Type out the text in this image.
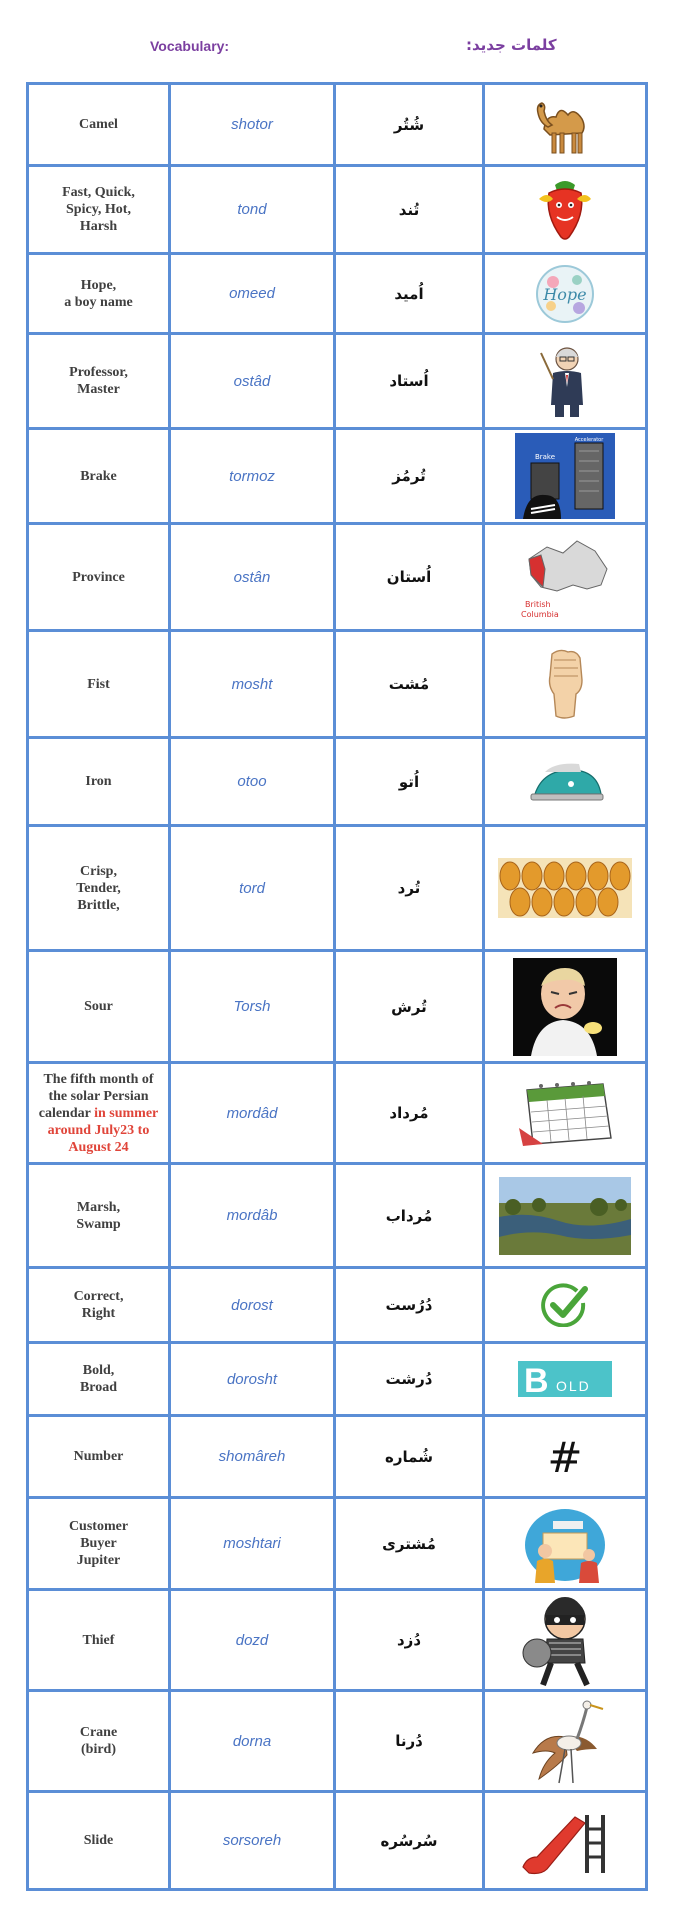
Vocabulary:	کلمات جدید:
Camel	shotor	شُتُر	

Fast, Quick,
Spicy, Hot,
Harsh	tond	تُند	

Hope,
a boy name	omeed	اُمید	Hope

Professor,
Master	ostâd	اُستاد	

Brake	tormoz	تُرمُز	Brake
Accelerator

Province	ostân	اُستان	British Columbia

Fist	mosht	مُشت	

Iron	otoo	اُتو	

Crisp,
Tender,
Brittle,	tord	تُرد	

Sour	Torsh	تُرش	

The fifth month of
the solar Persian
calendar in summer
around July23 to
August 24	mordâd	مُرداد	

Marsh,
Swamp	mordâb	مُرداب	

Correct,
Right	dorost	دُرُست	

Bold,
Broad	dorosht	دُرشت	B OLD

Number	shomâreh	شُماره	#

Customer
Buyer
Jupiter	moshtari	مُشتری	

Thief	dozd	دُزد	

Crane
(bird)	dorna	دُرنا	

Slide	sorsoreh	سُرسُره	
